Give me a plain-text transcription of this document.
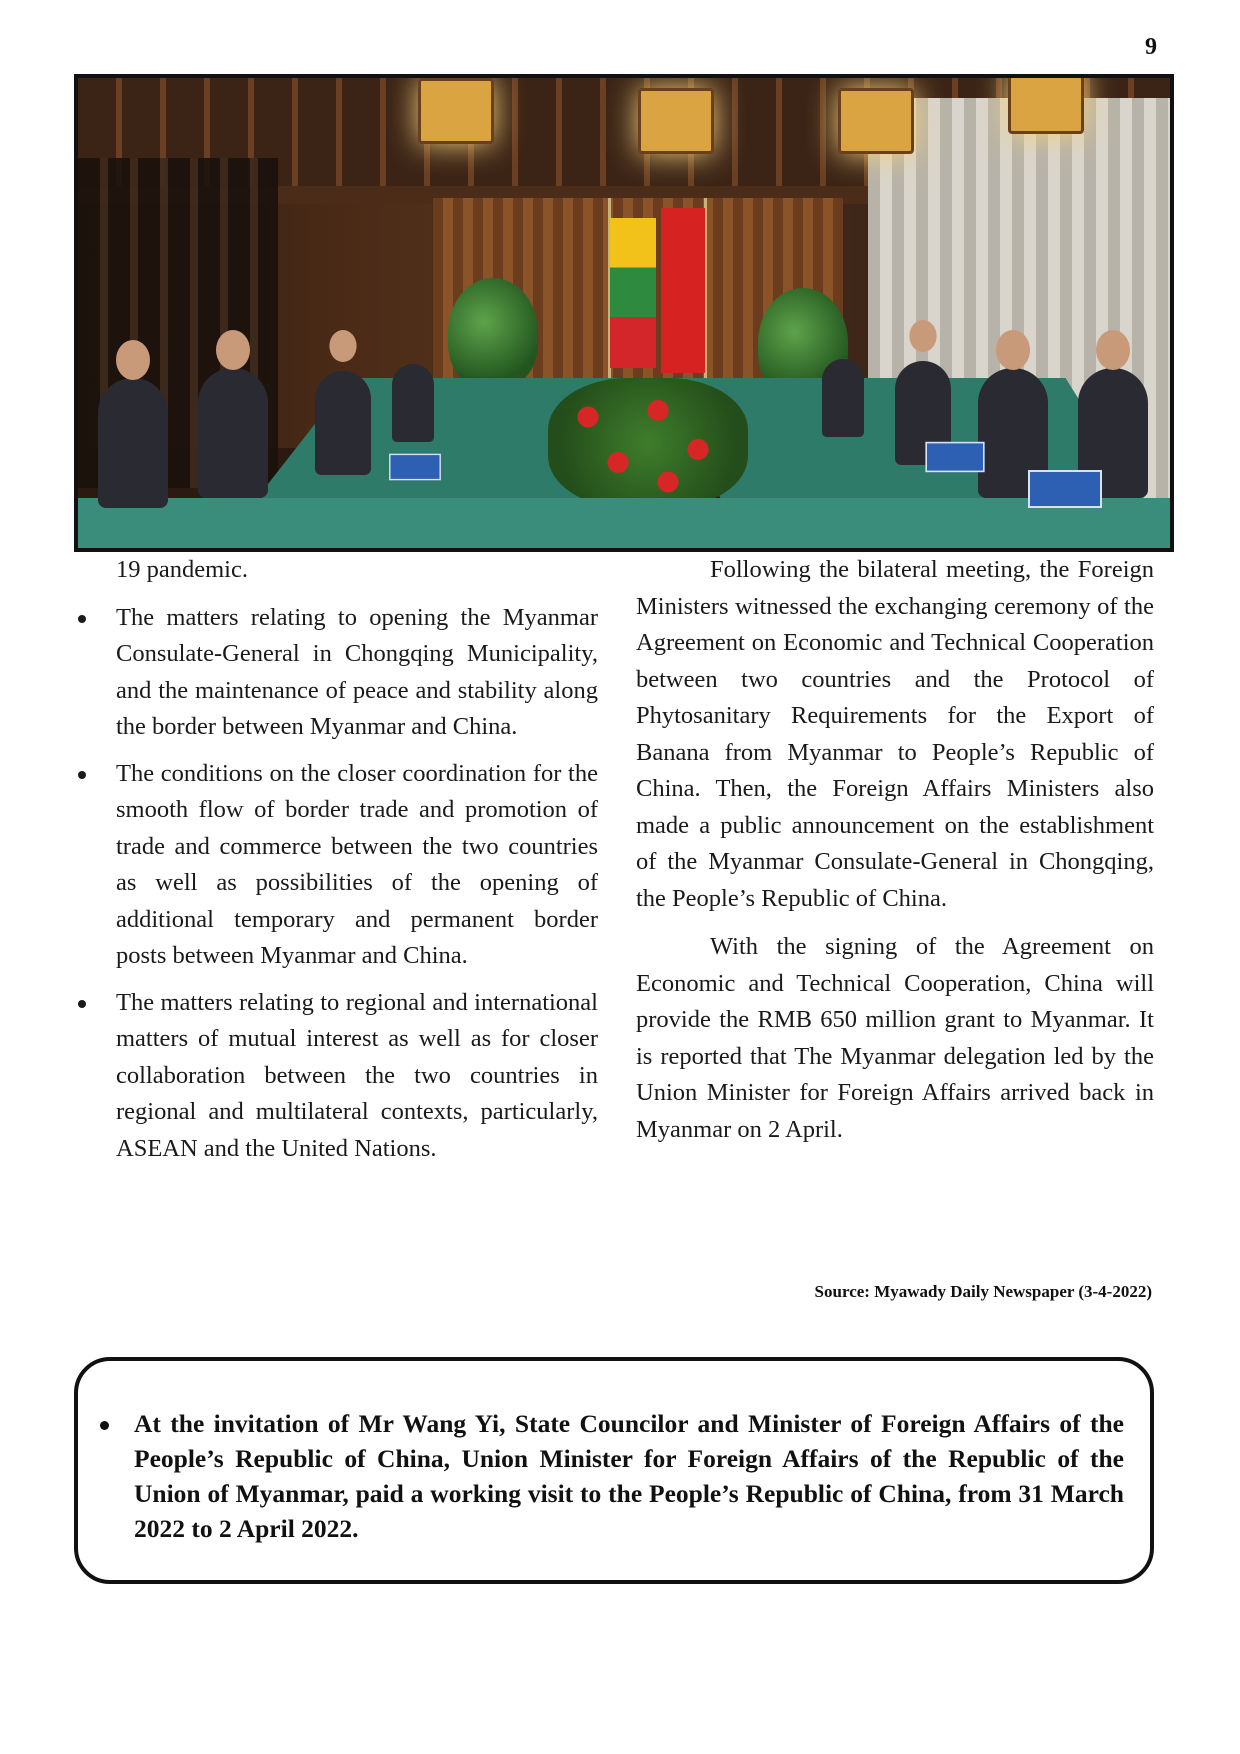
9

19 pandemic.

The matters relating to opening the Myanmar Consulate-General in Chongqing Municipality, and the maintenance of peace and stability along the border between Myanmar and China.
The conditions on the closer coordination for the smooth flow of border trade and promotion of trade and commerce between the two countries as well as possibilities of the opening of additional temporary and permanent border posts between Myanmar and China.
The matters relating to regional and international matters of mutual interest as well as for closer collaboration between the two countries in regional and multilateral contexts, particularly, ASEAN and the United Nations.

Following the bilateral meeting, the Foreign Ministers witnessed the exchanging ceremony of the Agreement on Economic and Technical Cooperation between two countries and the Protocol of Phytosanitary Requirements for the Export of Banana from Myanmar to People’s Republic of China. Then, the Foreign Affairs Ministers also made a public announcement on the establishment of the Myanmar Consulate-General in Chongqing, the People’s Republic of China.

With the signing of the Agreement on Economic and Technical Cooperation, China will provide the RMB 650 million grant to Myanmar. It is reported that The Myanmar delegation led by the Union Minister for Foreign Affairs arrived back in Myanmar on 2 April.

Source: Myawady Daily Newspaper (3-4-2022)

At the invitation of Mr Wang Yi, State Councilor and Minister of Foreign Affairs of the People’s Republic of China, Union Minister for Foreign Affairs of the Republic of the Union of Myanmar, paid a working visit to the People’s Republic of China, from 31 March 2022 to 2 April 2022.
